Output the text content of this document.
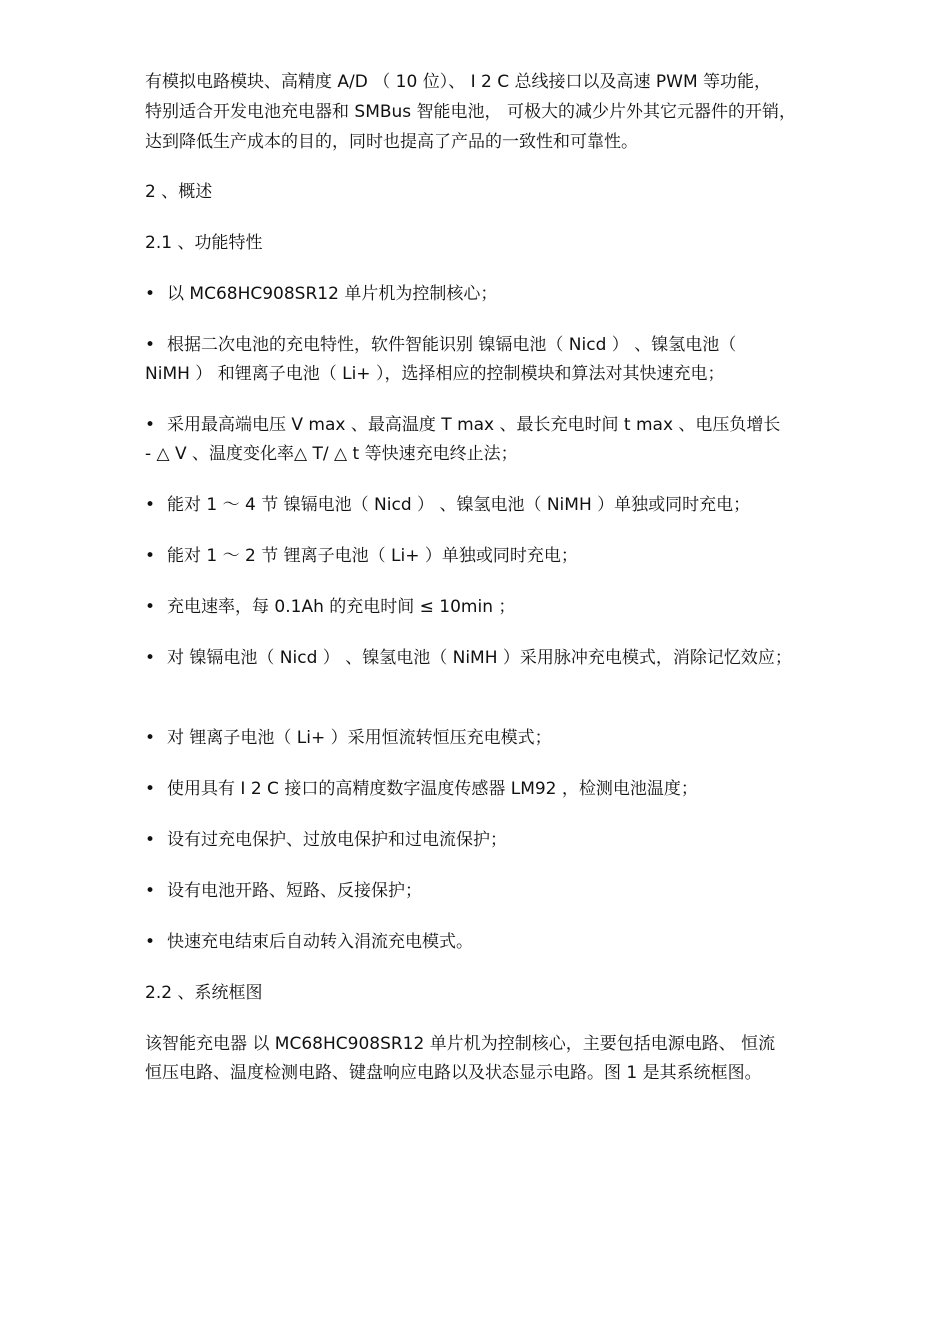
有模拟电路模块、高精度 A/D （ 10 位）、 I 2 C 总线接口以及高速 PWM 等功能，
特别适合开发电池充电器和 SMBus 智能电池， 可极大的减少片外其它元器件的开销，
达到降低生产成本的目的，同时也提高了产品的一致性和可靠性。
2 、概述
2.1 、功能特性
• 以 MC68HC908SR12 单片机为控制核心；
• 根据二次电池的充电特性，软件智能识别 镍镉电池（ Nicd ） 、镍氢电池（
NiMH ） 和锂离子电池（ Li+ ），选择相应的控制模块和算法对其快速充电；
• 采用最高端电压 V max 、最高温度 T max 、最长充电时间 t max 、电压负增长
- △ V 、温度变化率△ T/ △ t 等快速充电终止法；
• 能对 1 ～ 4 节 镍镉电池（ Nicd ） 、镍氢电池（ NiMH ）单独或同时充电；
• 能对 1 ～ 2 节 锂离子电池（ Li+ ）单独或同时充电；
• 充电速率，每 0.1Ah 的充电时间 ≤ 10min ；
• 对 镍镉电池（ Nicd ） 、镍氢电池（ NiMH ）采用脉冲充电模式，消除记忆效应；
• 对 锂离子电池（ Li+ ）采用恒流转恒压充电模式；
• 使用具有 I 2 C 接口的高精度数字温度传感器 LM92 ，检测电池温度；
• 设有过充电保护、过放电保护和过电流保护；
• 设有电池开路、短路、反接保护；
• 快速充电结束后自动转入涓流充电模式。
2.2 、系统框图
该智能充电器 以 MC68HC908SR12 单片机为控制核心，主要包括电源电路、 恒流
恒压电路、温度检测电路、键盘响应电路以及状态显示电路。图 1 是其系统框图。
